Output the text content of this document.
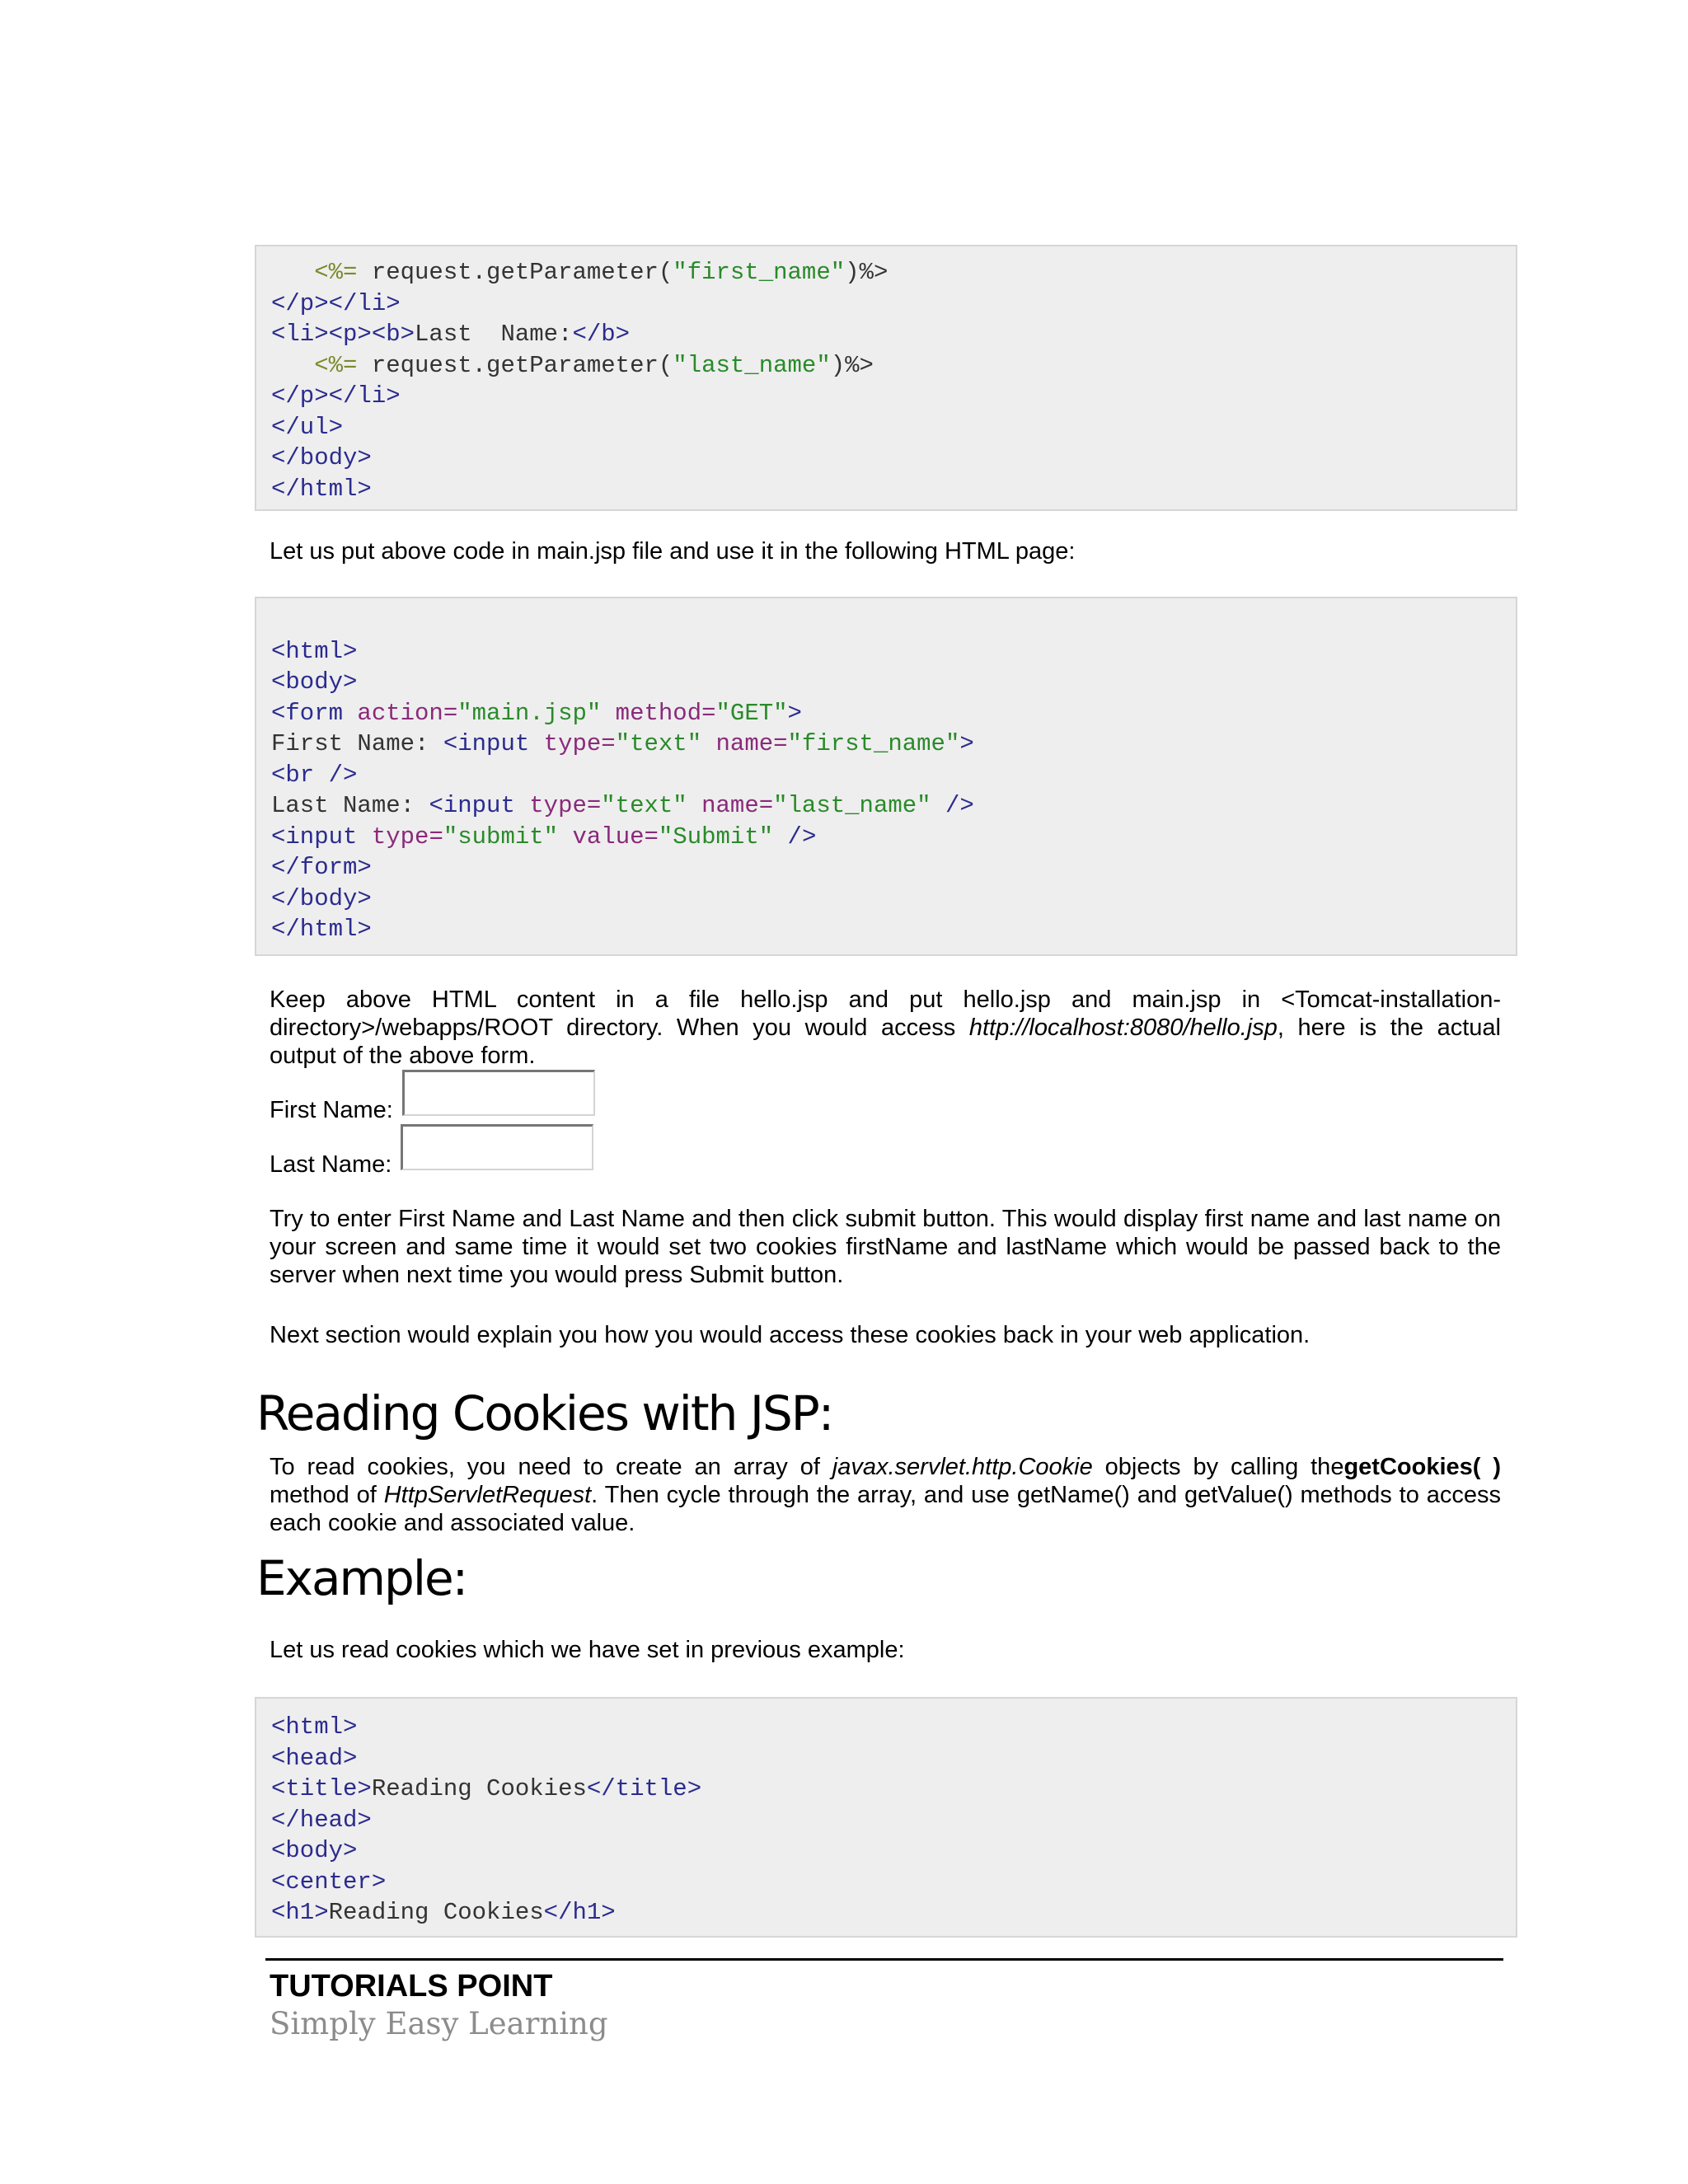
<%= request.getParameter("first_name")%>
</p></li>
<li><p><b>Last  Name:</b>
<%= request.getParameter("last_name")%>
</p></li>
</ul>
</body>
</html>
Let us put above code in main.jsp file and use it in the following HTML page:

<html>
<body>
<form action="main.jsp" method="GET">
First Name: <input type="text" name="first_name">
<br />
Last Name: <input type="text" name="last_name" />
<input type="submit" value="Submit" />
</form>
</body>
</html>
Keep above HTML content in a file hello.jsp and put hello.jsp and main.jsp in <Tomcat-installation-directory>/webapps/ROOT directory. When you would access http://localhost:8080/hello.jsp, here is the actual output of the above form.
First Name:
Last Name:
Try to enter First Name and Last Name and then click submit button. This would display first name and last name on your screen and same time it would set two cookies firstName and lastName which would be passed back to the server when next time you would press Submit button.
Next section would explain you how you would access these cookies back in your web application.
Reading Cookies with JSP:
To read cookies, you need to create an array of javax.servlet.http.Cookie objects by calling thegetCookies( ) method of HttpServletRequest. Then cycle through the array, and use getName() and getValue() methods to access each cookie and associated value.
Example:
Let us read cookies which we have set in previous example:
<html>
<head>
<title>Reading Cookies</title>
</head>
<body>
<center>
<h1>Reading Cookies</h1>
TUTORIALS POINT
Simply Easy Learning
